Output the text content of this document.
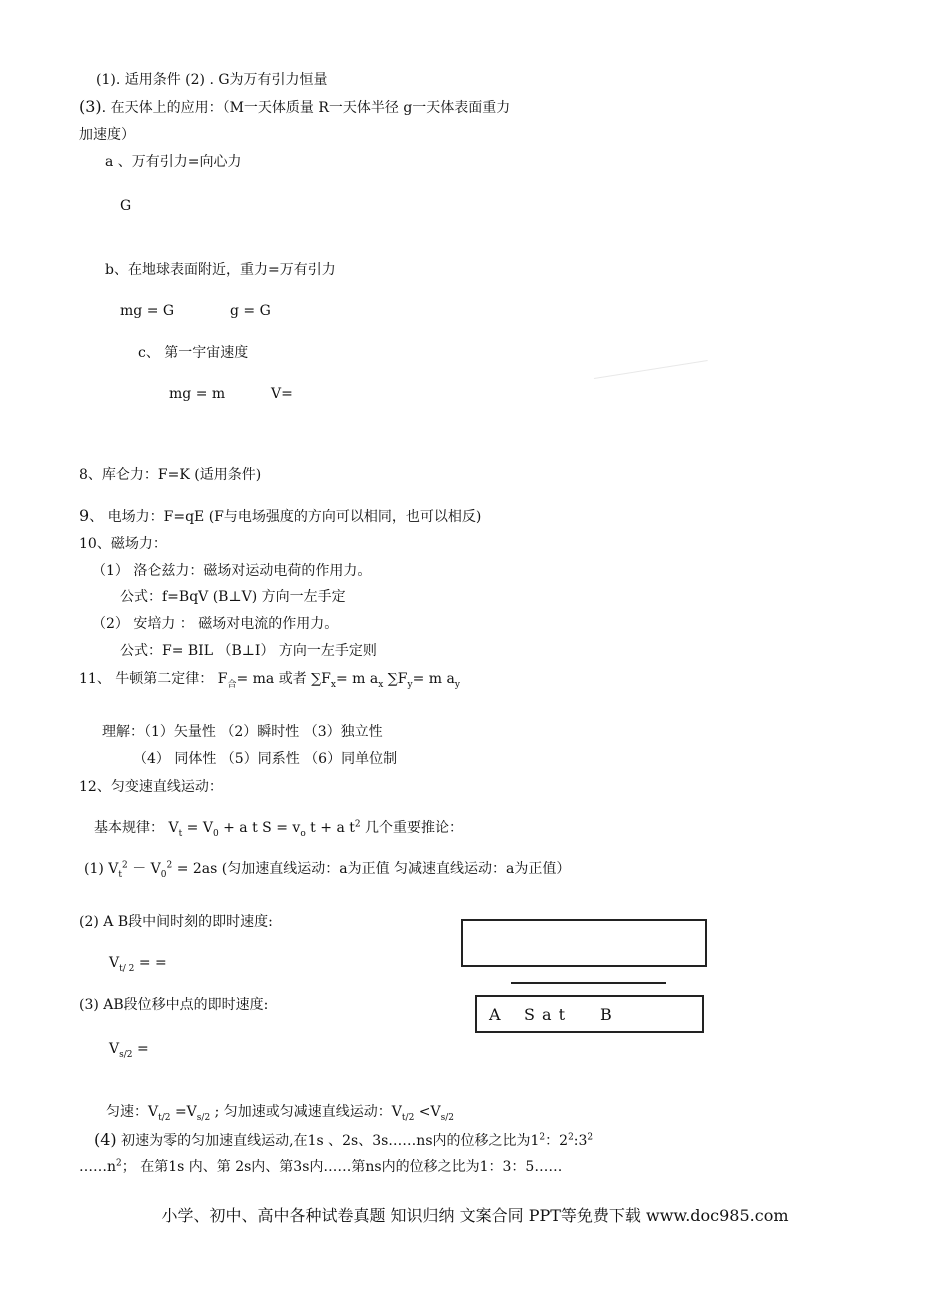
(1). 适用条件 (2) . G为万有引力恒量
(3). 在天体上的应用：（M一天体质量 R一天体半径 g一天体表面重力
加速度）
a 、万有引力=向心力
G
b、在地球表面附近，重力=万有引力
mg = G	g = G
c、 第一宇宙速度
mg = m	V=
8、库仑力：F=K (适用条件)
9、 电场力：F=qE (F与电场强度的方向可以相同，也可以相反)
10、磁场力：
（1） 洛仑兹力：磁场对运动电荷的作用力。
公式：f=BqV (B⊥V) 方向一左手定
（2） 安培力 ： 磁场对电流的作用力。
公式：F= BIL （B⊥I） 方向一左手定则
11、 牛顿第二定律： $F_合=$ ma 或者 $\sum F_x= m$ $a_x$ $\sum F_y= m$ $a_y$
理解：（1）矢量性 （2）瞬时性 （3）独立性
（4） 同体性 （5）同系性 （6）同单位制
12、匀变速直线运动：
基本规律： $V_t = V_0 + a$ t $S = v_o$ t + a $t^2$ 几个重要推论：
(1) $V_t^2 - V_0^2 = 2as$ (匀加速直线运动：a为正值 匀减速直线运动：a为正值）
(2) A B段中间时刻的即时速度:
$V_{t/ 2}$ = =
(3) AB段位移中点的即时速度:
$V_{s/2}$ =
匀速：$V_{t/2} =V_{s/2}$ ; 匀加速或匀减速直线运动：$V_{t/2} <V_{s/2}$
(4) 初速为零的匀加速直线运动,在1s 、2s、3s……ns内的位移之比为$1^2$：$2^2:3^2$
$\dots\dots n^2$； 在第1s 内、第 2s内、第3s内……第ns内的位移之比为1：3：5……
A S a t B
小学、初中、高中各种试卷真题 知识归纳 文案合同 PPT等免费下载 www.doc985.com
